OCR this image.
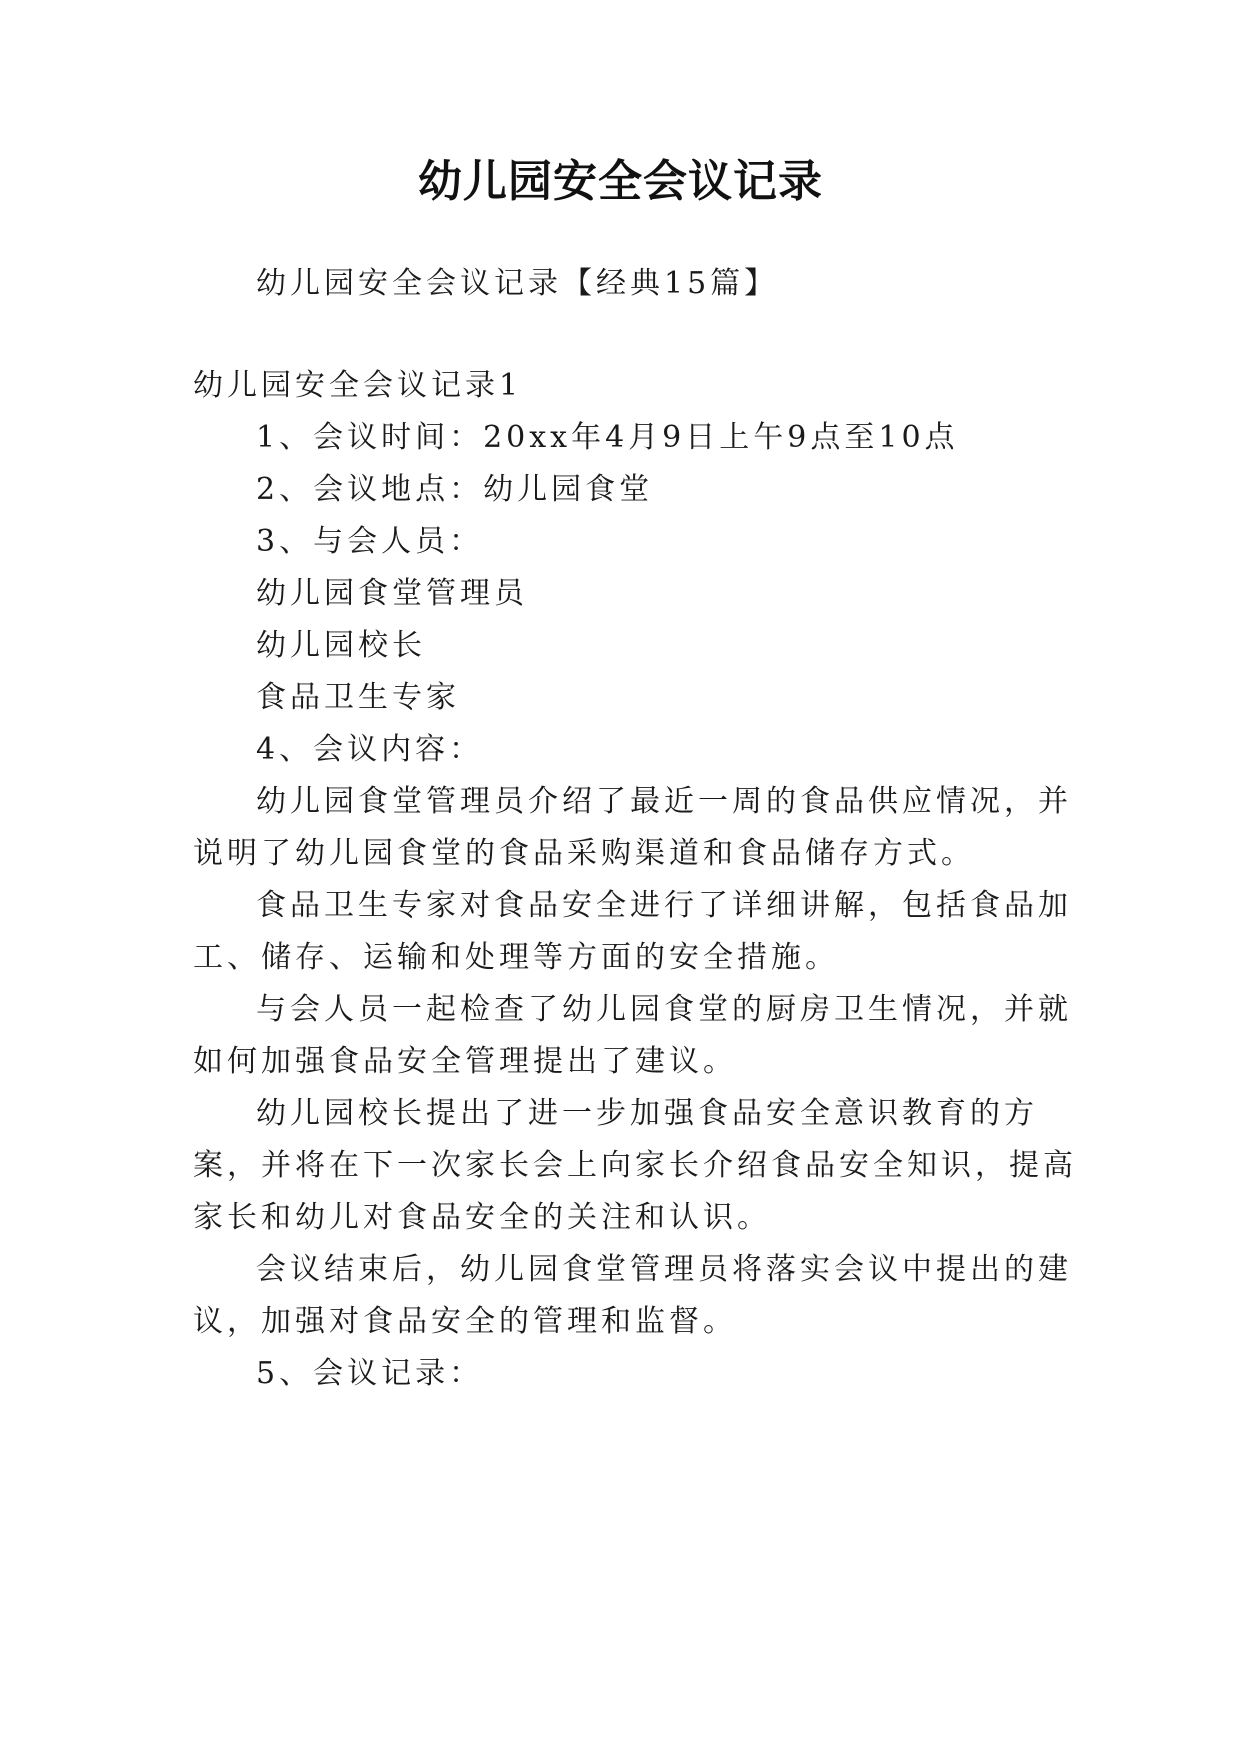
幼儿园安全会议记录
幼儿园安全会议记录【经典15篇】
幼儿园安全会议记录1
1、会议时间：20xx年4月9日上午9点至10点
2、会议地点：幼儿园食堂
3、与会人员：
幼儿园食堂管理员
幼儿园校长
食品卫生专家
4、会议内容：
幼儿园食堂管理员介绍了最近一周的食品供应情况，并
说明了幼儿园食堂的食品采购渠道和食品储存方式。
食品卫生专家对食品安全进行了详细讲解，包括食品加
工、储存、运输和处理等方面的安全措施。
与会人员一起检查了幼儿园食堂的厨房卫生情况，并就
如何加强食品安全管理提出了建议。
幼儿园校长提出了进一步加强食品安全意识教育的方
案，并将在下一次家长会上向家长介绍食品安全知识，提高
家长和幼儿对食品安全的关注和认识。
会议结束后，幼儿园食堂管理员将落实会议中提出的建
议，加强对食品安全的管理和监督。
5、会议记录：
